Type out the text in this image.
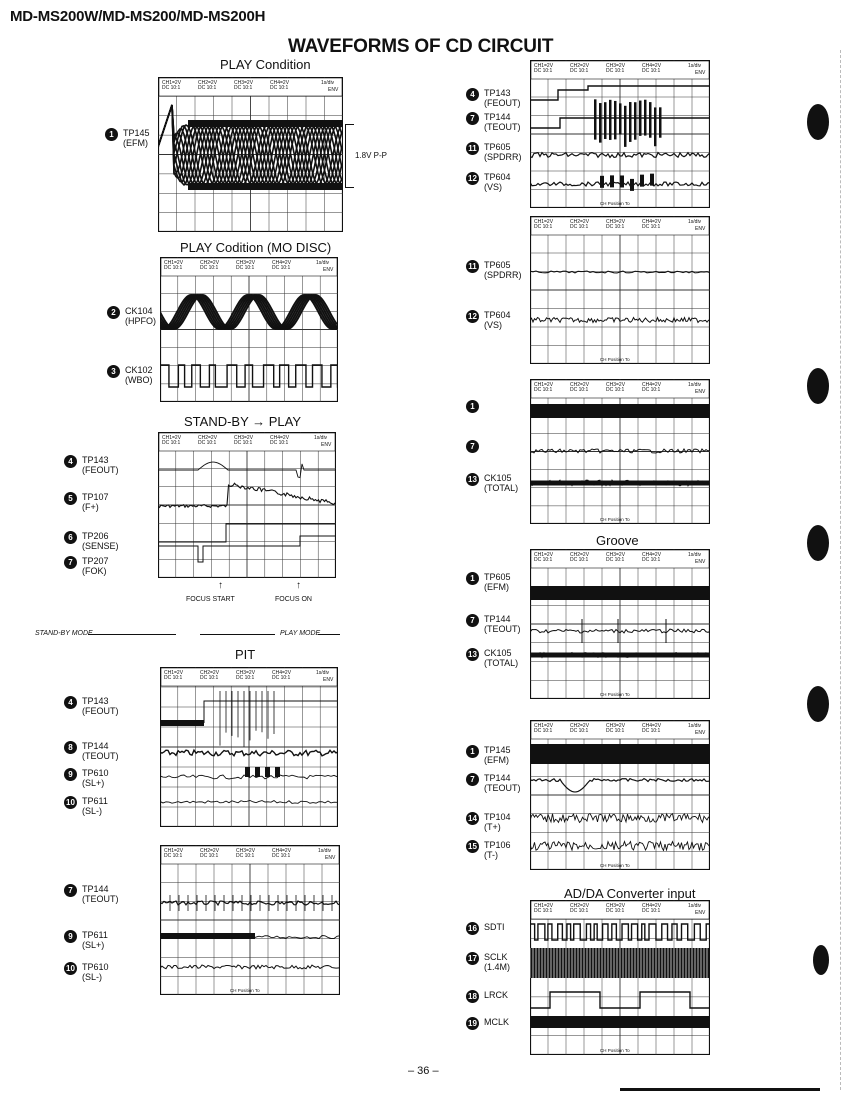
MD-MS200W/MD-MS200/MD-MS200H
WAVEFORMS OF CD CIRCUIT
PLAY Condition
CH1=2V
DC 10:1
CH2=2V
DC 10:1
CH3=2V
DC 10:1
CH4=2V
DC 10:1
1s/div
ENV
1.8V P-P
PLAY Codition (MO DISC)
CH1=2V
DC 10:1
CH2=2V
DC 10:1
CH3=2V
DC 10:1
CH4=2V
DC 10:1
1s/div
ENV
STAND-BY → PLAY
CH1=2V
DC 10:1
CH2=2V
DC 10:1
CH3=2V
DC 10:1
CH4=2V
DC 10:1
1s/div
ENV
FOCUS START	FOCUS ON
↑	↑
STAND-BY MODE	PLAY MODE
PIT
CH1=2V
DC 10:1
CH2=2V
DC 10:1
CH3=2V
DC 10:1
CH4=2V
DC 10:1
1s/div
ENV
CH1=2V
DC 10:1
CH2=2V
DC 10:1
CH3=2V
DC 10:1
CH4=2V
DC 10:1
1s/div
ENV
CH Position To
CH1=2V
DC 10:1
CH2=2V
DC 10:1
CH3=2V
DC 10:1
CH4=2V
DC 10:1
1s/div
ENV
CH Position To
CH1=2V
DC 10:1
CH2=2V
DC 10:1
CH3=2V
DC 10:1
CH4=2V
DC 10:1
1s/div
ENV
CH Position To
CH1=2V
DC 10:1
CH2=2V
DC 10:1
CH3=2V
DC 10:1
CH4=2V
DC 10:1
1s/div
ENV
CH Position To
Groove
CH1=2V
DC 10:1
CH2=2V
DC 10:1
CH3=2V
DC 10:1
CH4=2V
DC 10:1
1s/div
ENV
CH Position To
CH1=2V
DC 10:1
CH2=2V
DC 10:1
CH3=2V
DC 10:1
CH4=2V
DC 10:1
1s/div
ENV
CH Position To
AD/DA Converter input
CH1=2V
DC 10:1
CH2=2V
DC 10:1
CH3=2V
DC 10:1
CH4=2V
DC 10:1
1s/div
ENV
CH Position To
1	TP145
(EFM)
2	CK104
(HPFO)
3	CK102
(WBO)
4	TP143
(FEOUT)
5	TP107
(F+)
6	TP206
(SENSE)
7	TP207
(FOK)
4	TP143
(FEOUT)
8	TP144
(TEOUT)
9	TP610
(SL+)
10 TP611
(SL-)
7	TP144
(TEOUT)
9	TP611
(SL+)
10 TP610
(SL-)
4	TP143
(FEOUT)
7	TP144
(TEOUT)
11 TP605
(SPDRR)
12 TP604
(VS)
11 TP605
(SPDRR)
12 TP604
(VS)
1
7
13 CK105
(TOTAL)
1	TP605
(EFM)
7	TP144
(TEOUT)
13 CK105
(TOTAL)
1	TP145
(EFM)
7	TP144
(TEOUT)
14 TP104
(T+)
15 TP106
(T-)
16 SDTI
17 SCLK
(1.4M)
18 LRCK
19 MCLK
– 36 –
